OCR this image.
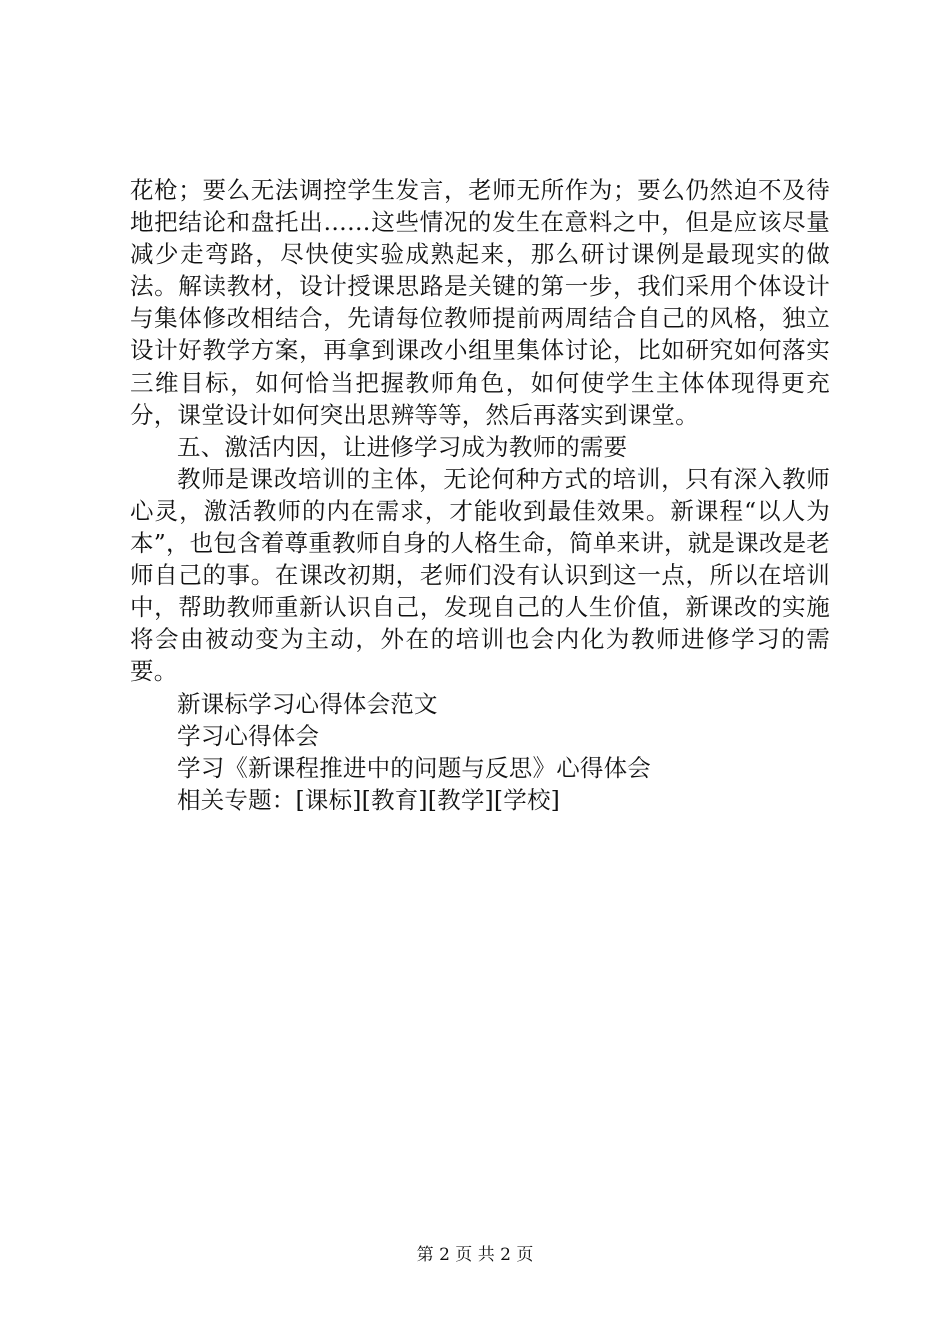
花枪；要么无法调控学生发言，老师无所作为；要么仍然迫不及待地把结论和盘托出……这些情况的发生在意料之中，但是应该尽量减少走弯路，尽快使实验成熟起来，那么研讨课例是最现实的做法。解读教材，设计授课思路是关键的第一步，我们采用个体设计与集体修改相结合，先请每位教师提前两周结合自己的风格，独立设计好教学方案，再拿到课改小组里集体讨论，比如研究如何落实三维目标，如何恰当把握教师角色，如何使学生主体体现得更充分，课堂设计如何突出思辨等等，然后再落实到课堂。

五、激活内因，让进修学习成为教师的需要

教师是课改培训的主体，无论何种方式的培训，只有深入教师心灵，激活教师的内在需求，才能收到最佳效果。新课程“以人为本”，也包含着尊重教师自身的人格生命，简单来讲，就是课改是老师自己的事。在课改初期，老师们没有认识到这一点，所以在培训中，帮助教师重新认识自己，发现自己的人生价值，新课改的实施将会由被动变为主动，外在的培训也会内化为教师进修学习的需要。

新课标学习心得体会范文

学习心得体会

学习《新课程推进中的问题与反思》心得体会

相关专题：[课标][教育][教学][学校]

第 2 页 共 2 页
